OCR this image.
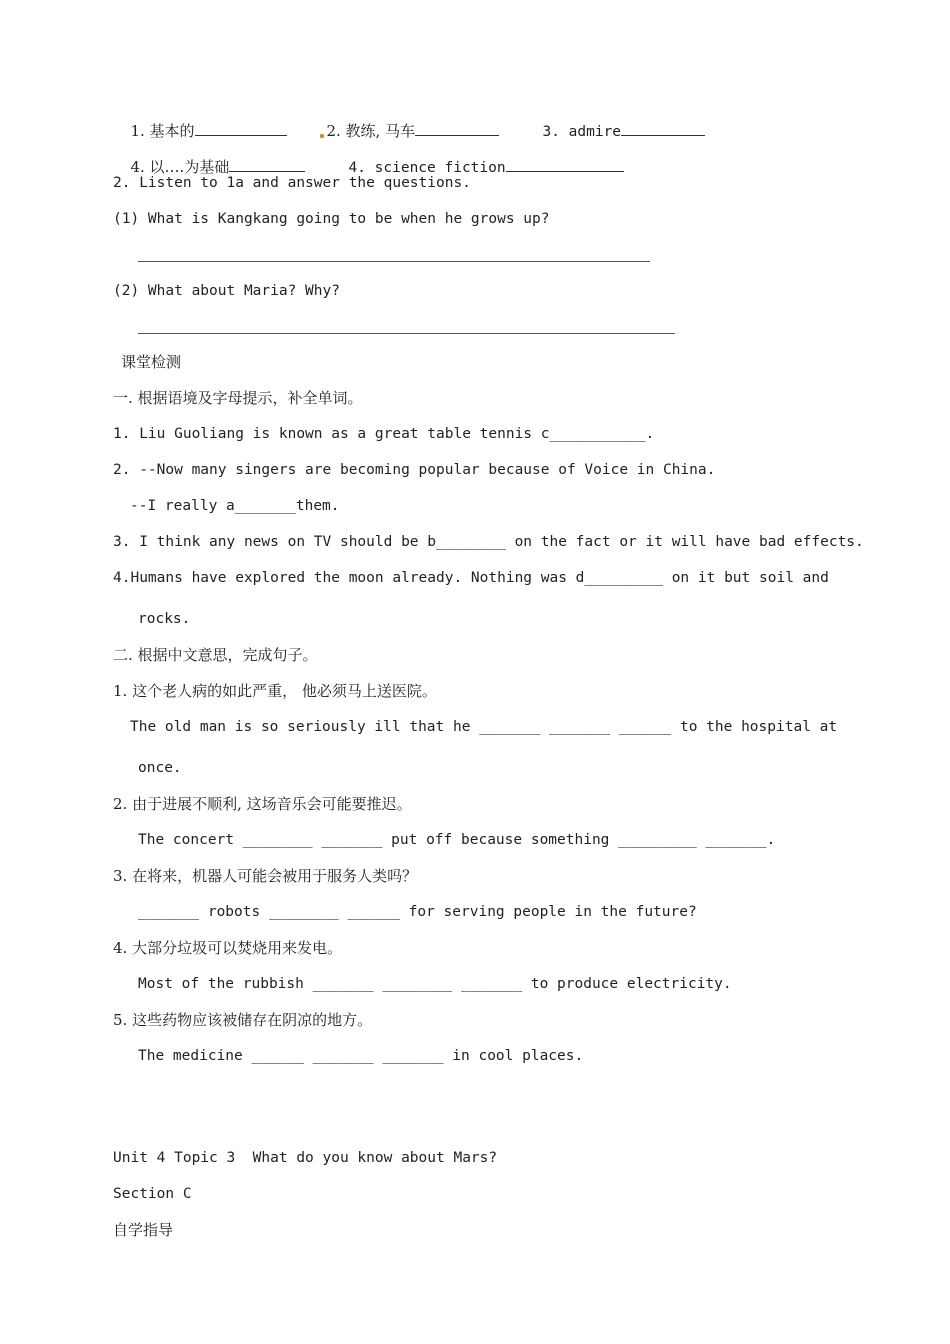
1. 基本的	2. 教练, 马车	3. admire

4. 以….为基础	4. science fiction

2. Listen to 1a and answer the questions.
(1) What is Kangkang going to be when he grows up?
(2) What about Maria? Why?
课堂检测
一. 根据语境及字母提示，补全单词。
1. Liu Guoliang is known as a great table tennis c___________.
2. --Now many singers are becoming popular because of Voice in China.
--I really a_______them.
3. I think any news on TV should be b________ on the fact or it will have bad effects.
4.Humans have explored the moon already. Nothing was d_________ on it but soil and
rocks.
二. 根据中文意思，完成句子。
1. 这个老人病的如此严重， 他必须马上送医院。
The old man is so seriously ill that he _______ _______ ______ to the hospital at
once.
2. 由于进展不顺利, 这场音乐会可能要推迟。
The concert ________ _______ put off because something _________ _______.
3. 在将来，机器人可能会被用于服务人类吗？
_______ robots ________ ______ for serving people in the future?
4. 大部分垃圾可以焚烧用来发电。
Most of the rubbish _______ ________ _______ to produce electricity.
5. 这些药物应该被储存在阴凉的地方。
The medicine ______ _______ _______ in cool places.
Unit 4 Topic 3  What do you know about Mars?
Section C
自学指导
